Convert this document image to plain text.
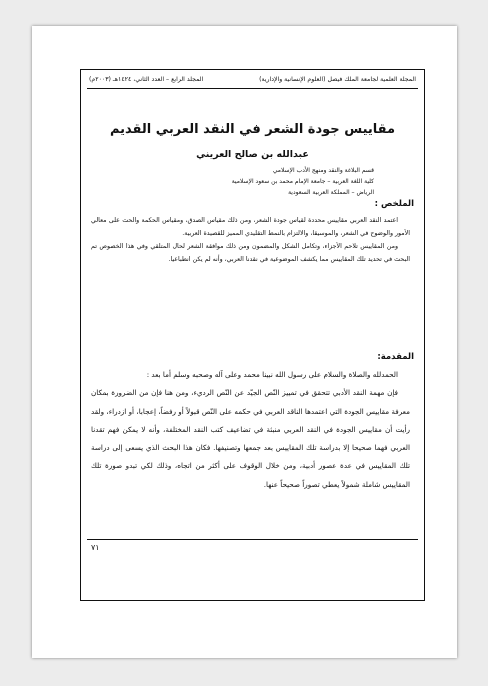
المجلة العلمية لجامعة الملك فيصل (العلوم الإنسانية والإدارية)
المجلد الرابع – العدد الثاني، ١٤٢٤هـ (٢٠٠٣م)
مقاييس جودة الشعر في النقد العربي القديم
عبدالله بن صالح العريني
قسم البلاغة والنقد ومنهج الأدب الإسلامي
كلية اللغة العربية – جامعة الإمام محمد بن سعود الإسلامية
الرياض – المملكة العربية السعودية
الملخص :

اعتمد النقد العربي مقاييس محددة لقياس جودة الشعر، ومن ذلك مقياس الصدق، ومقياس الحكمة والحث على معالي الأمور والوضوح في الشعر، والموسيقا، والالتزام بالنمط التقليدي المميز للقصيدة العربية.

ومن المقاييس تلاحم الأجزاء، وتكامل الشكل والمضمون ومن ذلك موافقة الشعر لحال المتلقي وفي هذا الخصوص تم البحث في تحديد تلك المقاييس مما يكشف الموضوعية في نقدنا العربي، وأنه لم يكن انطباعيا.

المقدمة:

الحمدلله والصلاة والسلام على رسول الله نبينا محمد وعلى آله وصحبه وسلم أما بعد :

فإن مهمة النقد الأدبي تتحقق في تمييز النّص الجيّد عن النّص الرديء، ومن هنا فإن من الضرورة بمكان معرفة مقاييس الجودة التي اعتمدها الناقد العربي في حكمه على النّص قبولاً أو رفضاً، إعجابا، أو ازدراء، ولقد رأيت أن مقاييس الجودة في النقد العربي منبثة في تضاعيف كتب النقد المختلفة، وأنه لا يمكن فهم تقدنا العربي فهما صحيحا إلا بدراسة تلك المقاييس بعد جمعها وتصنيفها. فكان هذا البحث الذي يسعى إلى دراسة تلك المقاييس في عدة عصور أدبية، ومن خلال الوقوف على أكثر من اتجاه، وذلك لكي تبدو صورة تلك المقاييس شاملة شمولاً يعطي تصوراً صحيحاً عنها.

٧١
